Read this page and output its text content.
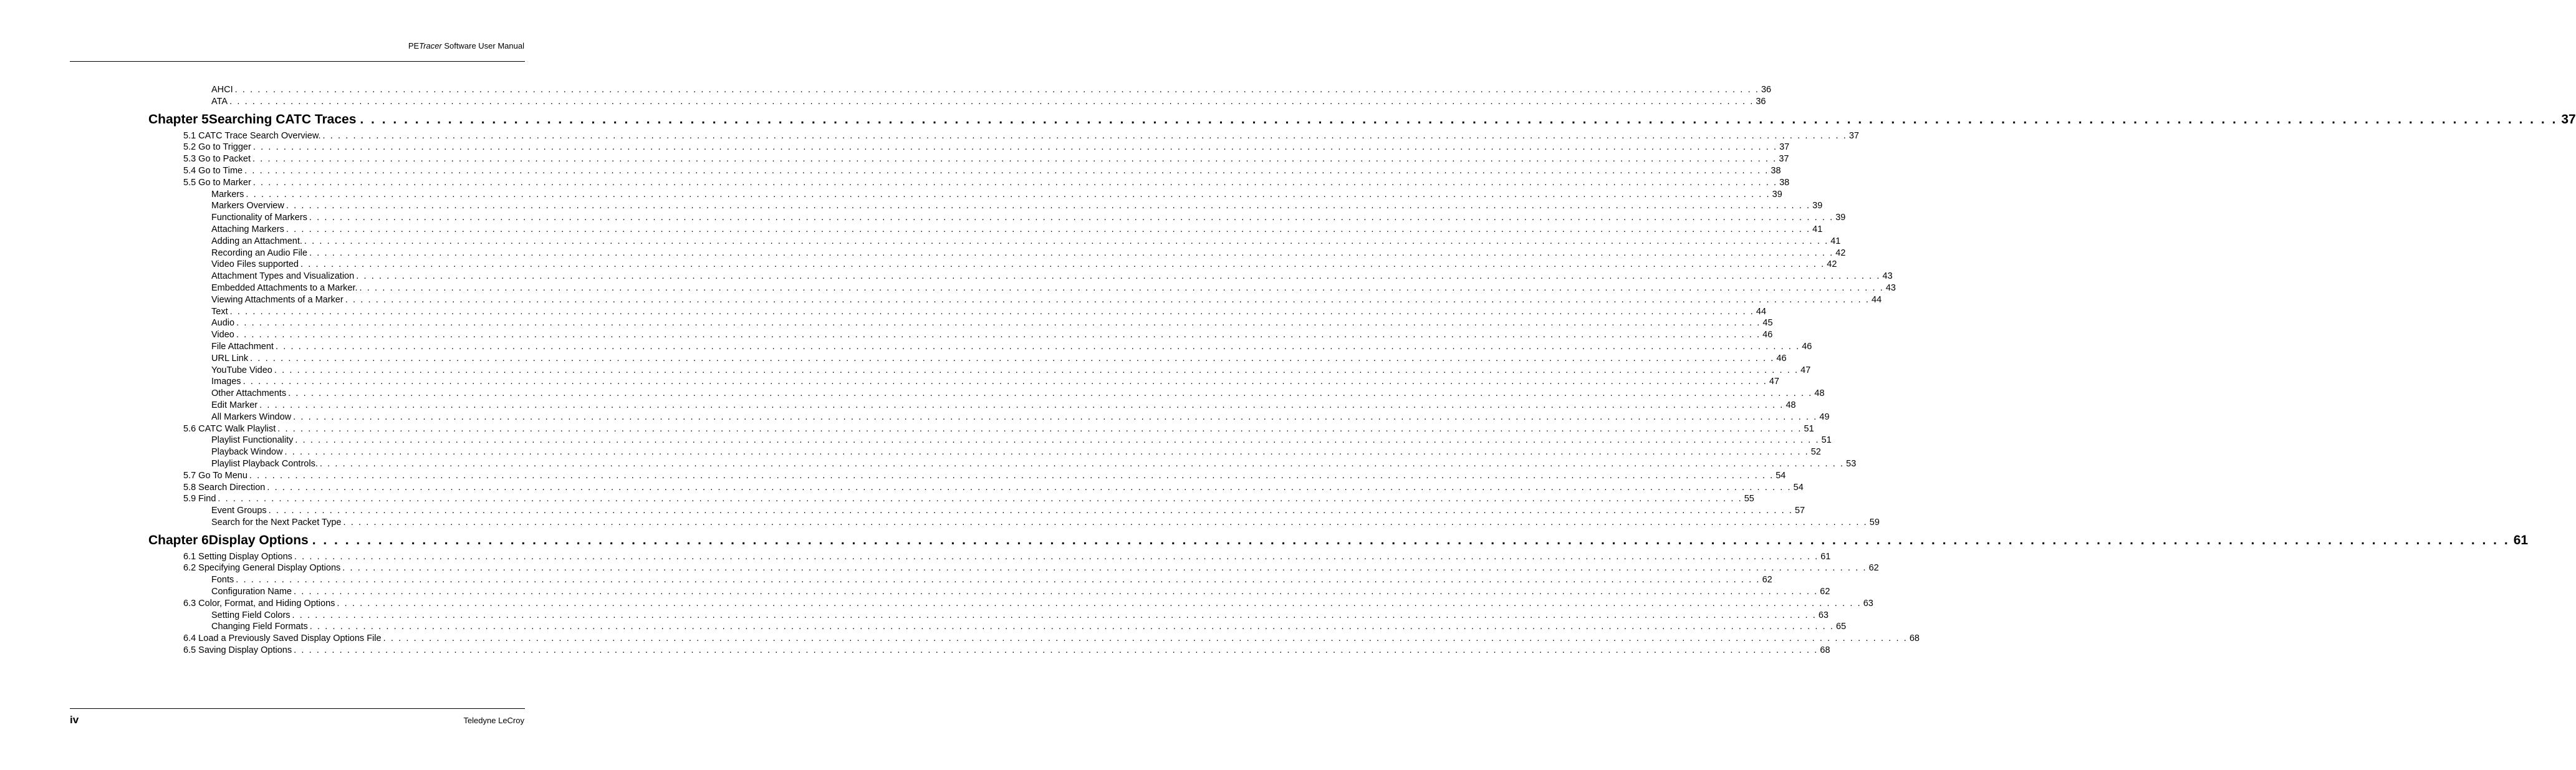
PETracer Software User Manual
AHCI . . . . . . . . . . . . . . . . . . . . . . . . . . . . . . . . . . . . . . . . . . . . . . . . . . . . . . . . . . . . . . . . . . . . . . . . . . . . . . . . . . . . . . . . . . . . . . . . . . . . . . . . . . . . . . . . . . . . . . . . . . . . . . . . . . . . . . . . . . . . . . . . . . . . . . . . . . . . . . . . . . . . . . . . . . . . . . . . . . . . . . . . . . . . . . . . . . . . . . . . 36
ATA . . . . . . . . . . . . . . . . . . . . . . . . . . . . . . . . . . . . . . . . . . . . . . . . . . . . . . . . . . . . . . . . . . . . . . . . . . . . . . . . . . . . . . . . . . . . . . . . . . . . . . . . . . . . . . . . . . . . . . . . . . . . . . . . . . . . . . . . . . . . . . . . . . . . . . . . . . . . . . . . . . . . . . . . . . . . . . . . . . . . . . . . . . . . . . . . . . . . . . . . 36
Chapter 5 Searching CATC Traces . . . . . . . . . . . . . . . . . . . . . . . . . . . . . . . . . . . . . . . . . . . . . . . . . . . . . . . . . . . . . . . . . . . . . . . . . . . . . . . . . . . . . . . . . . . . . . . . . . . . . . . . . . . . . . . . . . . . . . . . . . . . . . . . . . . . . . . . . . . . . . . . . . . . . . . . . . . . . . . . . . . . . . . . . . . . . . . . . . . . . . . . . . . . . . . . . . . . . . . . 37
5.1 CATC Trace Search Overview. . . . . . . . . . . . . . . . . . . . . . . . . . . . . . . . . . . . . . . . . . . . . . . . . . . . . . . . . . . . . . . . . . . . . . . . . . . . . . . . . . . . . . . . . . . . . . . . . . . . . . . . . . . . . . . . . . . . . . . . . . . . . . . . . . . . . . . . . . . . . . . . . . . . . . . . . . . . . . . . . . . . . . . . . . . . . . . . . . . . . . . . . . . . . . . . . . . . . . . . . 37
5.2 Go to Trigger . . . . . . . . . . . . . . . . . . . . . . . . . . . . . . . . . . . . . . . . . . . . . . . . . . . . . . . . . . . . . . . . . . . . . . . . . . . . . . . . . . . . . . . . . . . . . . . . . . . . . . . . . . . . . . . . . . . . . . . . . . . . . . . . . . . . . . . . . . . . . . . . . . . . . . . . . . . . . . . . . . . . . . . . . . . . . . . . . . . . . . . . . . . . . . . . . . . . . . . . 37
5.3 Go to Packet . . . . . . . . . . . . . . . . . . . . . . . . . . . . . . . . . . . . . . . . . . . . . . . . . . . . . . . . . . . . . . . . . . . . . . . . . . . . . . . . . . . . . . . . . . . . . . . . . . . . . . . . . . . . . . . . . . . . . . . . . . . . . . . . . . . . . . . . . . . . . . . . . . . . . . . . . . . . . . . . . . . . . . . . . . . . . . . . . . . . . . . . . . . . . . . . . . . . . . . . 37
5.4 Go to Time . . . . . . . . . . . . . . . . . . . . . . . . . . . . . . . . . . . . . . . . . . . . . . . . . . . . . . . . . . . . . . . . . . . . . . . . . . . . . . . . . . . . . . . . . . . . . . . . . . . . . . . . . . . . . . . . . . . . . . . . . . . . . . . . . . . . . . . . . . . . . . . . . . . . . . . . . . . . . . . . . . . . . . . . . . . . . . . . . . . . . . . . . . . . . . . . . . . . . . . . 38
5.5 Go to Marker . . . . . . . . . . . . . . . . . . . . . . . . . . . . . . . . . . . . . . . . . . . . . . . . . . . . . . . . . . . . . . . . . . . . . . . . . . . . . . . . . . . . . . . . . . . . . . . . . . . . . . . . . . . . . . . . . . . . . . . . . . . . . . . . . . . . . . . . . . . . . . . . . . . . . . . . . . . . . . . . . . . . . . . . . . . . . . . . . . . . . . . . . . . . . . . . . . . . . . . . 38
Markers . . . . . . . . . . . . . . . . . . . . . . . . . . . . . . . . . . . . . . . . . . . . . . . . . . . . . . . . . . . . . . . . . . . . . . . . . . . . . . . . . . . . . . . . . . . . . . . . . . . . . . . . . . . . . . . . . . . . . . . . . . . . . . . . . . . . . . . . . . . . . . . . . . . . . . . . . . . . . . . . . . . . . . . . . . . . . . . . . . . . . . . . . . . . . . . . . . . . . . . . 39
Markers Overview . . . . . . . . . . . . . . . . . . . . . . . . . . . . . . . . . . . . . . . . . . . . . . . . . . . . . . . . . . . . . . . . . . . . . . . . . . . . . . . . . . . . . . . . . . . . . . . . . . . . . . . . . . . . . . . . . . . . . . . . . . . . . . . . . . . . . . . . . . . . . . . . . . . . . . . . . . . . . . . . . . . . . . . . . . . . . . . . . . . . . . . . . . . . . . . . . . . . . . . . 39
Functionality of Markers . . . . . . . . . . . . . . . . . . . . . . . . . . . . . . . . . . . . . . . . . . . . . . . . . . . . . . . . . . . . . . . . . . . . . . . . . . . . . . . . . . . . . . . . . . . . . . . . . . . . . . . . . . . . . . . . . . . . . . . . . . . . . . . . . . . . . . . . . . . . . . . . . . . . . . . . . . . . . . . . . . . . . . . . . . . . . . . . . . . . . . . . . . . . . . . . . . . . . . . . 39
Attaching Markers . . . . . . . . . . . . . . . . . . . . . . . . . . . . . . . . . . . . . . . . . . . . . . . . . . . . . . . . . . . . . . . . . . . . . . . . . . . . . . . . . . . . . . . . . . . . . . . . . . . . . . . . . . . . . . . . . . . . . . . . . . . . . . . . . . . . . . . . . . . . . . . . . . . . . . . . . . . . . . . . . . . . . . . . . . . . . . . . . . . . . . . . . . . . . . . . . . . . . . . . 41
Adding an Attachment. . . . . . . . . . . . . . . . . . . . . . . . . . . . . . . . . . . . . . . . . . . . . . . . . . . . . . . . . . . . . . . . . . . . . . . . . . . . . . . . . . . . . . . . . . . . . . . . . . . . . . . . . . . . . . . . . . . . . . . . . . . . . . . . . . . . . . . . . . . . . . . . . . . . . . . . . . . . . . . . . . . . . . . . . . . . . . . . . . . . . . . . . . . . . . . . . . . . . . . . . 41
Recording an Audio File . . . . . . . . . . . . . . . . . . . . . . . . . . . . . . . . . . . . . . . . . . . . . . . . . . . . . . . . . . . . . . . . . . . . . . . . . . . . . . . . . . . . . . . . . . . . . . . . . . . . . . . . . . . . . . . . . . . . . . . . . . . . . . . . . . . . . . . . . . . . . . . . . . . . . . . . . . . . . . . . . . . . . . . . . . . . . . . . . . . . . . . . . . . . . . . . . . . . . . . . 42
Video Files supported . . . . . . . . . . . . . . . . . . . . . . . . . . . . . . . . . . . . . . . . . . . . . . . . . . . . . . . . . . . . . . . . . . . . . . . . . . . . . . . . . . . . . . . . . . . . . . . . . . . . . . . . . . . . . . . . . . . . . . . . . . . . . . . . . . . . . . . . . . . . . . . . . . . . . . . . . . . . . . . . . . . . . . . . . . . . . . . . . . . . . . . . . . . . . . . . . . . . . . . . 42
Attachment Types and Visualization . . . . . . . . . . . . . . . . . . . . . . . . . . . . . . . . . . . . . . . . . . . . . . . . . . . . . . . . . . . . . . . . . . . . . . . . . . . . . . . . . . . . . . . . . . . . . . . . . . . . . . . . . . . . . . . . . . . . . . . . . . . . . . . . . . . . . . . . . . . . . . . . . . . . . . . . . . . . . . . . . . . . . . . . . . . . . . . . . . . . . . . . . . . . . . . . . . . . . . . . 43
Embedded Attachments to a Marker. . . . . . . . . . . . . . . . . . . . . . . . . . . . . . . . . . . . . . . . . . . . . . . . . . . . . . . . . . . . . . . . . . . . . . . . . . . . . . . . . . . . . . . . . . . . . . . . . . . . . . . . . . . . . . . . . . . . . . . . . . . . . . . . . . . . . . . . . . . . . . . . . . . . . . . . . . . . . . . . . . . . . . . . . . . . . . . . . . . . . . . . . . . . . . . . . . . . . . . . . 43
Viewing Attachments of a Marker . . . . . . . . . . . . . . . . . . . . . . . . . . . . . . . . . . . . . . . . . . . . . . . . . . . . . . . . . . . . . . . . . . . . . . . . . . . . . . . . . . . . . . . . . . . . . . . . . . . . . . . . . . . . . . . . . . . . . . . . . . . . . . . . . . . . . . . . . . . . . . . . . . . . . . . . . . . . . . . . . . . . . . . . . . . . . . . . . . . . . . . . . . . . . . . . . . . . . . . . 44
Text . . . . . . . . . . . . . . . . . . . . . . . . . . . . . . . . . . . . . . . . . . . . . . . . . . . . . . . . . . . . . . . . . . . . . . . . . . . . . . . . . . . . . . . . . . . . . . . . . . . . . . . . . . . . . . . . . . . . . . . . . . . . . . . . . . . . . . . . . . . . . . . . . . . . . . . . . . . . . . . . . . . . . . . . . . . . . . . . . . . . . . . . . . . . . . . . . . . . . . . . 44
Audio . . . . . . . . . . . . . . . . . . . . . . . . . . . . . . . . . . . . . . . . . . . . . . . . . . . . . . . . . . . . . . . . . . . . . . . . . . . . . . . . . . . . . . . . . . . . . . . . . . . . . . . . . . . . . . . . . . . . . . . . . . . . . . . . . . . . . . . . . . . . . . . . . . . . . . . . . . . . . . . . . . . . . . . . . . . . . . . . . . . . . . . . . . . . . . . . . . . . . . . . 45
Video . . . . . . . . . . . . . . . . . . . . . . . . . . . . . . . . . . . . . . . . . . . . . . . . . . . . . . . . . . . . . . . . . . . . . . . . . . . . . . . . . . . . . . . . . . . . . . . . . . . . . . . . . . . . . . . . . . . . . . . . . . . . . . . . . . . . . . . . . . . . . . . . . . . . . . . . . . . . . . . . . . . . . . . . . . . . . . . . . . . . . . . . . . . . . . . . . . . . . . . . 46
File Attachment . . . . . . . . . . . . . . . . . . . . . . . . . . . . . . . . . . . . . . . . . . . . . . . . . . . . . . . . . . . . . . . . . . . . . . . . . . . . . . . . . . . . . . . . . . . . . . . . . . . . . . . . . . . . . . . . . . . . . . . . . . . . . . . . . . . . . . . . . . . . . . . . . . . . . . . . . . . . . . . . . . . . . . . . . . . . . . . . . . . . . . . . . . . . . . . . . . . . . . . . 46
URL Link . . . . . . . . . . . . . . . . . . . . . . . . . . . . . . . . . . . . . . . . . . . . . . . . . . . . . . . . . . . . . . . . . . . . . . . . . . . . . . . . . . . . . . . . . . . . . . . . . . . . . . . . . . . . . . . . . . . . . . . . . . . . . . . . . . . . . . . . . . . . . . . . . . . . . . . . . . . . . . . . . . . . . . . . . . . . . . . . . . . . . . . . . . . . . . . . . . . . . . . . 46
YouTube Video . . . . . . . . . . . . . . . . . . . . . . . . . . . . . . . . . . . . . . . . . . . . . . . . . . . . . . . . . . . . . . . . . . . . . . . . . . . . . . . . . . . . . . . . . . . . . . . . . . . . . . . . . . . . . . . . . . . . . . . . . . . . . . . . . . . . . . . . . . . . . . . . . . . . . . . . . . . . . . . . . . . . . . . . . . . . . . . . . . . . . . . . . . . . . . . . . . . . . . . . 47
Images . . . . . . . . . . . . . . . . . . . . . . . . . . . . . . . . . . . . . . . . . . . . . . . . . . . . . . . . . . . . . . . . . . . . . . . . . . . . . . . . . . . . . . . . . . . . . . . . . . . . . . . . . . . . . . . . . . . . . . . . . . . . . . . . . . . . . . . . . . . . . . . . . . . . . . . . . . . . . . . . . . . . . . . . . . . . . . . . . . . . . . . . . . . . . . . . . . . . . . . . 47
Other Attachments . . . . . . . . . . . . . . . . . . . . . . . . . . . . . . . . . . . . . . . . . . . . . . . . . . . . . . . . . . . . . . . . . . . . . . . . . . . . . . . . . . . . . . . . . . . . . . . . . . . . . . . . . . . . . . . . . . . . . . . . . . . . . . . . . . . . . . . . . . . . . . . . . . . . . . . . . . . . . . . . . . . . . . . . . . . . . . . . . . . . . . . . . . . . . . . . . . . . . . . . 48
Edit Marker . . . . . . . . . . . . . . . . . . . . . . . . . . . . . . . . . . . . . . . . . . . . . . . . . . . . . . . . . . . . . . . . . . . . . . . . . . . . . . . . . . . . . . . . . . . . . . . . . . . . . . . . . . . . . . . . . . . . . . . . . . . . . . . . . . . . . . . . . . . . . . . . . . . . . . . . . . . . . . . . . . . . . . . . . . . . . . . . . . . . . . . . . . . . . . . . . . . . . . . . 48
All Markers Window . . . . . . . . . . . . . . . . . . . . . . . . . . . . . . . . . . . . . . . . . . . . . . . . . . . . . . . . . . . . . . . . . . . . . . . . . . . . . . . . . . . . . . . . . . . . . . . . . . . . . . . . . . . . . . . . . . . . . . . . . . . . . . . . . . . . . . . . . . . . . . . . . . . . . . . . . . . . . . . . . . . . . . . . . . . . . . . . . . . . . . . . . . . . . . . . . . . . . . . . 49
5.6 CATC Walk Playlist . . . . . . . . . . . . . . . . . . . . . . . . . . . . . . . . . . . . . . . . . . . . . . . . . . . . . . . . . . . . . . . . . . . . . . . . . . . . . . . . . . . . . . . . . . . . . . . . . . . . . . . . . . . . . . . . . . . . . . . . . . . . . . . . . . . . . . . . . . . . . . . . . . . . . . . . . . . . . . . . . . . . . . . . . . . . . . . . . . . . . . . . . . . . . . . . . . . . . . . . 51
Playlist Functionality . . . . . . . . . . . . . . . . . . . . . . . . . . . . . . . . . . . . . . . . . . . . . . . . . . . . . . . . . . . . . . . . . . . . . . . . . . . . . . . . . . . . . . . . . . . . . . . . . . . . . . . . . . . . . . . . . . . . . . . . . . . . . . . . . . . . . . . . . . . . . . . . . . . . . . . . . . . . . . . . . . . . . . . . . . . . . . . . . . . . . . . . . . . . . . . . . . . . . . . . 51
Playback Window . . . . . . . . . . . . . . . . . . . . . . . . . . . . . . . . . . . . . . . . . . . . . . . . . . . . . . . . . . . . . . . . . . . . . . . . . . . . . . . . . . . . . . . . . . . . . . . . . . . . . . . . . . . . . . . . . . . . . . . . . . . . . . . . . . . . . . . . . . . . . . . . . . . . . . . . . . . . . . . . . . . . . . . . . . . . . . . . . . . . . . . . . . . . . . . . . . . . . . . . 52
Playlist Playback Controls. . . . . . . . . . . . . . . . . . . . . . . . . . . . . . . . . . . . . . . . . . . . . . . . . . . . . . . . . . . . . . . . . . . . . . . . . . . . . . . . . . . . . . . . . . . . . . . . . . . . . . . . . . . . . . . . . . . . . . . . . . . . . . . . . . . . . . . . . . . . . . . . . . . . . . . . . . . . . . . . . . . . . . . . . . . . . . . . . . . . . . . . . . . . . . . . . . . . . . . . . 53
5.7 Go To Menu . . . . . . . . . . . . . . . . . . . . . . . . . . . . . . . . . . . . . . . . . . . . . . . . . . . . . . . . . . . . . . . . . . . . . . . . . . . . . . . . . . . . . . . . . . . . . . . . . . . . . . . . . . . . . . . . . . . . . . . . . . . . . . . . . . . . . . . . . . . . . . . . . . . . . . . . . . . . . . . . . . . . . . . . . . . . . . . . . . . . . . . . . . . . . . . . . . . . . . . . 54
5.8 Search Direction . . . . . . . . . . . . . . . . . . . . . . . . . . . . . . . . . . . . . . . . . . . . . . . . . . . . . . . . . . . . . . . . . . . . . . . . . . . . . . . . . . . . . . . . . . . . . . . . . . . . . . . . . . . . . . . . . . . . . . . . . . . . . . . . . . . . . . . . . . . . . . . . . . . . . . . . . . . . . . . . . . . . . . . . . . . . . . . . . . . . . . . . . . . . . . . . . . . . . . . . 54
5.9 Find . . . . . . . . . . . . . . . . . . . . . . . . . . . . . . . . . . . . . . . . . . . . . . . . . . . . . . . . . . . . . . . . . . . . . . . . . . . . . . . . . . . . . . . . . . . . . . . . . . . . . . . . . . . . . . . . . . . . . . . . . . . . . . . . . . . . . . . . . . . . . . . . . . . . . . . . . . . . . . . . . . . . . . . . . . . . . . . . . . . . . . . . . . . . . . . . . . . . . . . . 55
Event Groups . . . . . . . . . . . . . . . . . . . . . . . . . . . . . . . . . . . . . . . . . . . . . . . . . . . . . . . . . . . . . . . . . . . . . . . . . . . . . . . . . . . . . . . . . . . . . . . . . . . . . . . . . . . . . . . . . . . . . . . . . . . . . . . . . . . . . . . . . . . . . . . . . . . . . . . . . . . . . . . . . . . . . . . . . . . . . . . . . . . . . . . . . . . . . . . . . . . . . . . . 57
Search for the Next Packet Type . . . . . . . . . . . . . . . . . . . . . . . . . . . . . . . . . . . . . . . . . . . . . . . . . . . . . . . . . . . . . . . . . . . . . . . . . . . . . . . . . . . . . . . . . . . . . . . . . . . . . . . . . . . . . . . . . . . . . . . . . . . . . . . . . . . . . . . . . . . . . . . . . . . . . . . . . . . . . . . . . . . . . . . . . . . . . . . . . . . . . . . . . . . . . . . . . . . . . . . . 59
Chapter 6 Display Options . . . . . . . . . . . . . . . . . . . . . . . . . . . . . . . . . . . . . . . . . . . . . . . . . . . . . . . . . . . . . . . . . . . . . . . . . . . . . . . . . . . . . . . . . . . . . . . . . . . . . . . . . . . . . . . . . . . . . . . . . . . . . . . . . . . . . . . . . . . . . . . . . . . . . . . . . . . . . . . . . . . . . . . . . . . . . . . . . . . . . . . . . . . . . . . . . . . . . . . . 61
6.1 Setting Display Options . . . . . . . . . . . . . . . . . . . . . . . . . . . . . . . . . . . . . . . . . . . . . . . . . . . . . . . . . . . . . . . . . . . . . . . . . . . . . . . . . . . . . . . . . . . . . . . . . . . . . . . . . . . . . . . . . . . . . . . . . . . . . . . . . . . . . . . . . . . . . . . . . . . . . . . . . . . . . . . . . . . . . . . . . . . . . . . . . . . . . . . . . . . . . . . . . . . . . . . . 61
6.2 Specifying General Display Options . . . . . . . . . . . . . . . . . . . . . . . . . . . . . . . . . . . . . . . . . . . . . . . . . . . . . . . . . . . . . . . . . . . . . . . . . . . . . . . . . . . . . . . . . . . . . . . . . . . . . . . . . . . . . . . . . . . . . . . . . . . . . . . . . . . . . . . . . . . . . . . . . . . . . . . . . . . . . . . . . . . . . . . . . . . . . . . . . . . . . . . . . . . . . . . . . . . . . . . . 62
Fonts . . . . . . . . . . . . . . . . . . . . . . . . . . . . . . . . . . . . . . . . . . . . . . . . . . . . . . . . . . . . . . . . . . . . . . . . . . . . . . . . . . . . . . . . . . . . . . . . . . . . . . . . . . . . . . . . . . . . . . . . . . . . . . . . . . . . . . . . . . . . . . . . . . . . . . . . . . . . . . . . . . . . . . . . . . . . . . . . . . . . . . . . . . . . . . . . . . . . . . . . 62
Configuration Name . . . . . . . . . . . . . . . . . . . . . . . . . . . . . . . . . . . . . . . . . . . . . . . . . . . . . . . . . . . . . . . . . . . . . . . . . . . . . . . . . . . . . . . . . . . . . . . . . . . . . . . . . . . . . . . . . . . . . . . . . . . . . . . . . . . . . . . . . . . . . . . . . . . . . . . . . . . . . . . . . . . . . . . . . . . . . . . . . . . . . . . . . . . . . . . . . . . . . . . . 62
6.3 Color, Format, and Hiding Options . . . . . . . . . . . . . . . . . . . . . . . . . . . . . . . . . . . . . . . . . . . . . . . . . . . . . . . . . . . . . . . . . . . . . . . . . . . . . . . . . . . . . . . . . . . . . . . . . . . . . . . . . . . . . . . . . . . . . . . . . . . . . . . . . . . . . . . . . . . . . . . . . . . . . . . . . . . . . . . . . . . . . . . . . . . . . . . . . . . . . . . . . . . . . . . . . . . . . . . . 63
Setting Field Colors . . . . . . . . . . . . . . . . . . . . . . . . . . . . . . . . . . . . . . . . . . . . . . . . . . . . . . . . . . . . . . . . . . . . . . . . . . . . . . . . . . . . . . . . . . . . . . . . . . . . . . . . . . . . . . . . . . . . . . . . . . . . . . . . . . . . . . . . . . . . . . . . . . . . . . . . . . . . . . . . . . . . . . . . . . . . . . . . . . . . . . . . . . . . . . . . . . . . . . . . 63
Changing Field Formats . . . . . . . . . . . . . . . . . . . . . . . . . . . . . . . . . . . . . . . . . . . . . . . . . . . . . . . . . . . . . . . . . . . . . . . . . . . . . . . . . . . . . . . . . . . . . . . . . . . . . . . . . . . . . . . . . . . . . . . . . . . . . . . . . . . . . . . . . . . . . . . . . . . . . . . . . . . . . . . . . . . . . . . . . . . . . . . . . . . . . . . . . . . . . . . . . . . . . . . . 65
6.4 Load a Previously Saved Display Options File . . . . . . . . . . . . . . . . . . . . . . . . . . . . . . . . . . . . . . . . . . . . . . . . . . . . . . . . . . . . . . . . . . . . . . . . . . . . . . . . . . . . . . . . . . . . . . . . . . . . . . . . . . . . . . . . . . . . . . . . . . . . . . . . . . . . . . . . . . . . . . . . . . . . . . . . . . . . . . . . . . . . . . . . . . . . . . . . . . . . . . . . . . . . . . . . . . . . . . . . 68
6.5 Saving Display Options . . . . . . . . . . . . . . . . . . . . . . . . . . . . . . . . . . . . . . . . . . . . . . . . . . . . . . . . . . . . . . . . . . . . . . . . . . . . . . . . . . . . . . . . . . . . . . . . . . . . . . . . . . . . . . . . . . . . . . . . . . . . . . . . . . . . . . . . . . . . . . . . . . . . . . . . . . . . . . . . . . . . . . . . . . . . . . . . . . . . . . . . . . . . . . . . . . . . . . . . 68
iv	Teledyne LeCroy
